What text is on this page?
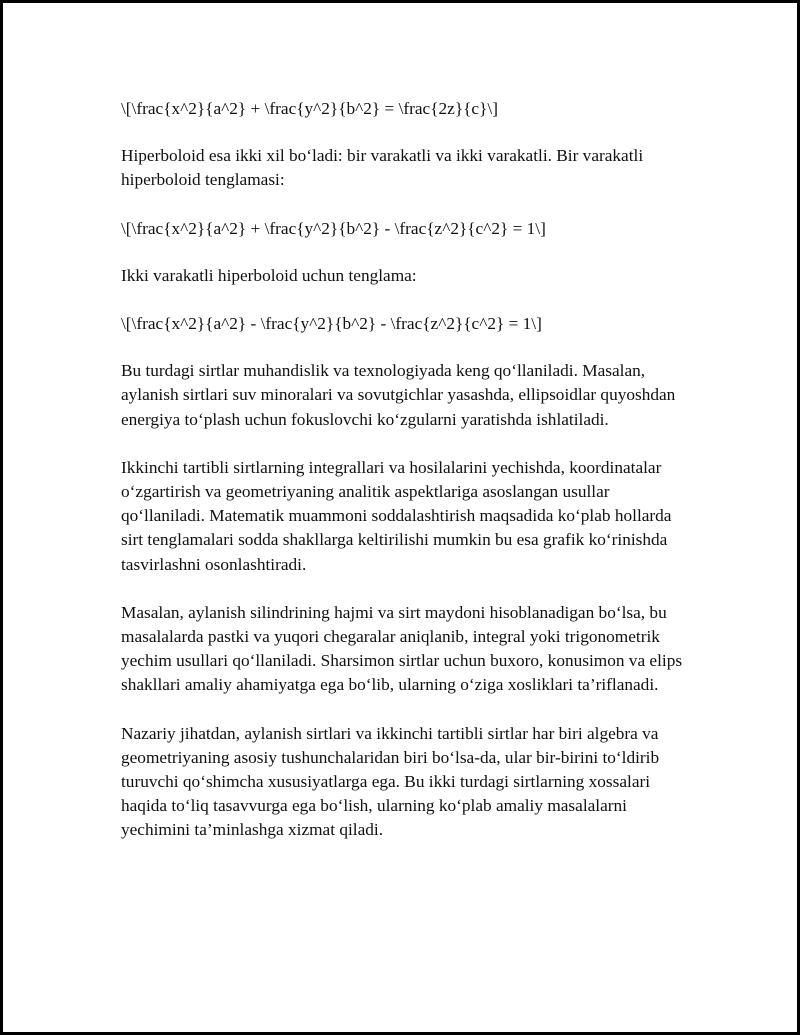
\[\frac{x^2}{a^2} + \frac{y^2}{b^2} = \frac{2z}{c}\]

Hiperboloid esa ikki xil bo‘ladi: bir varakatli va ikki varakatli. Bir varakatli hiperboloid tenglamasi:

\[\frac{x^2}{a^2} + \frac{y^2}{b^2} - \frac{z^2}{c^2} = 1\]

Ikki varakatli hiperboloid uchun tenglama:

\[\frac{x^2}{a^2} - \frac{y^2}{b^2} - \frac{z^2}{c^2} = 1\]

Bu turdagi sirtlar muhandislik va texnologiyada keng qo‘llaniladi. Masalan, aylanish sirtlari suv minoralari va sovutgichlar yasashda, ellipsoidlar quyoshdan energiya to‘plash uchun fokuslovchi ko‘zgularni yaratishda ishlatiladi.

Ikkinchi tartibli sirtlarning integrallari va hosilalarini yechishda, koordinatalar o‘zgartirish va geometriyaning analitik aspektlariga asoslangan usullar qo‘llaniladi. Matematik muammoni soddalashtirish maqsadida ko‘plab hollarda sirt tenglamalari sodda shakllarga keltirilishi mumkin bu esa grafik ko‘rinishda tasvirlashni osonlashtiradi.

Masalan, aylanish silindrining hajmi va sirt maydoni hisoblanadigan bo‘lsa, bu masalalarda pastki va yuqori chegaralar aniqlanib, integral yoki trigonometrik yechim usullari qo‘llaniladi. Sharsimon sirtlar uchun buxoro, konusimon va elips shakllari amaliy ahamiyatga ega bo‘lib, ularning o‘ziga xosliklari ta’riflanadi.

Nazariy jihatdan, aylanish sirtlari va ikkinchi tartibli sirtlar har biri algebra va geometriyaning asosiy tushunchalaridan biri bo‘lsa-da, ular bir-birini to‘ldirib turuvchi qo‘shimcha xususiyatlarga ega. Bu ikki turdagi sirtlarning xossalari haqida to‘liq tasavvurga ega bo‘lish, ularning ko‘plab amaliy masalalarni yechimini ta’minlashga xizmat qiladi.
